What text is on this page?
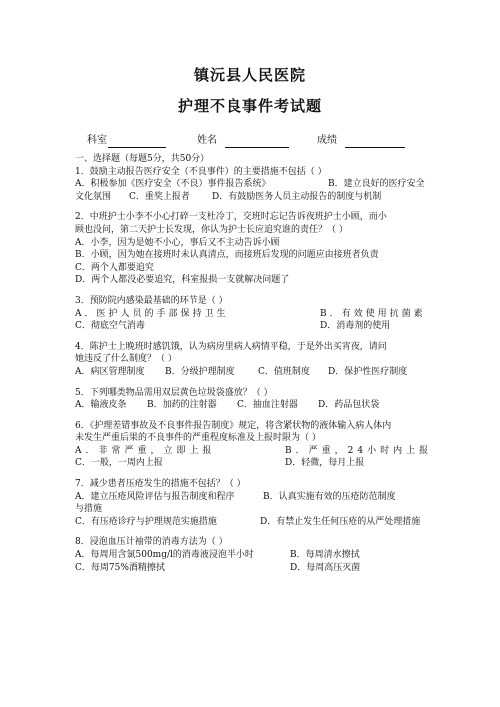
镇沅县人民医院
护理不良事件考试题
科室	姓名	成绩
一、选择题（每题5分，共50分）
1．鼓励主动报告医疗安全（不良事件）的主要措施不包括（ ）
A．积极参加《医疗安全（不良）事件报告系统》	B．建立良好的医疗安全
文化氛围 C．重奖上报者 D．有鼓励医务人员主动报告的制度与机制
2．中班护士小李不小心打碎一支杜冷丁，交班时忘记告诉夜班护士小顾，而小
顾也没问，第二天护士长发现，你认为护士长应追究谁的责任？（ ）
A．小李，因为是她不小心，事后又不主动告诉小顾
B．小顾，因为她在接班时未认真清点，而接班后发现的问题应由接班者负责
C．两个人都要追究
D．两个人都没必要追究，科室报损一支就解决问题了
3．预防院内感染最基础的环节是（ ）
A．医护人员的手部保持卫生	B．有效使用抗菌素
C．彻底空气消毒	D．消毒剂的使用
4．陈护士上晚班时感饥饿，认为病房里病人病情平稳，于是外出买宵夜，请问
她违反了什么制度？（ ）
A．病区管理制度 B．分级护理制度	C．值班制度 D．保护性医疗制度
5．下列哪类物品需用双层黄色垃圾袋盛放？（ ）
A．输液皮条 B．加药的注射器 C．抽血注射器 D．药品包状袋
6．《护理差错事故及不良事件报告制度》规定，将含紧状物的液体输入病人体内
未发生严重后果的不良事件的严重程度标准及上报时限为（ ）
A．非常严重，立即上报	B．严重，24小时内上报
C．一般，一周内上报	D．轻微，每月上报
7．减少患者压疮发生的措施不包括？（ ）
A．建立压疮风险评估与报告制度和程序	B．认真实施有效的压疮防范制度
与措施
C．有压疮诊疗与护理规范实施措施	D．有禁止发生任何压疮的从严处理措施
8．浸泡血压计袖带的消毒方法为（ ）
A．每周用含氯500mg/l的消毒液浸泡半小时	B．每周清水擦拭
C．每周75%酒精擦拭	D．每周高压灭菌
